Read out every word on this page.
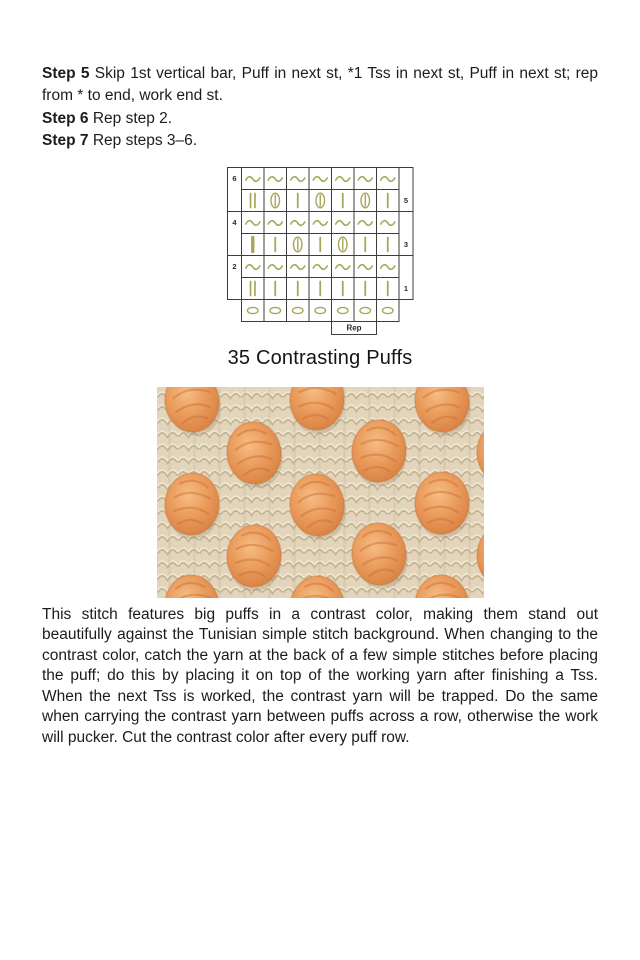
Step 5 Skip 1st vertical bar, Puff in next st, *1 Tss in next st, Puff in next st; rep from * to end, work end st.

Step 6 Rep step 2.

Step 7 Rep steps 3–6.

6
5
4
3
2
1
Rep

35 Contrasting Puffs

This stitch features big puffs in a contrast color, making them stand out beautifully against the Tunisian simple stitch background. When changing to the contrast color, catch the yarn at the back of a few simple stitches before placing the puff; do this by placing it on top of the working yarn after finishing a Tss. When the next Tss is worked, the contrast yarn will be trapped. Do the same when carrying the contrast yarn between puffs across a row, otherwise the work will pucker. Cut the contrast color after every puff row.
